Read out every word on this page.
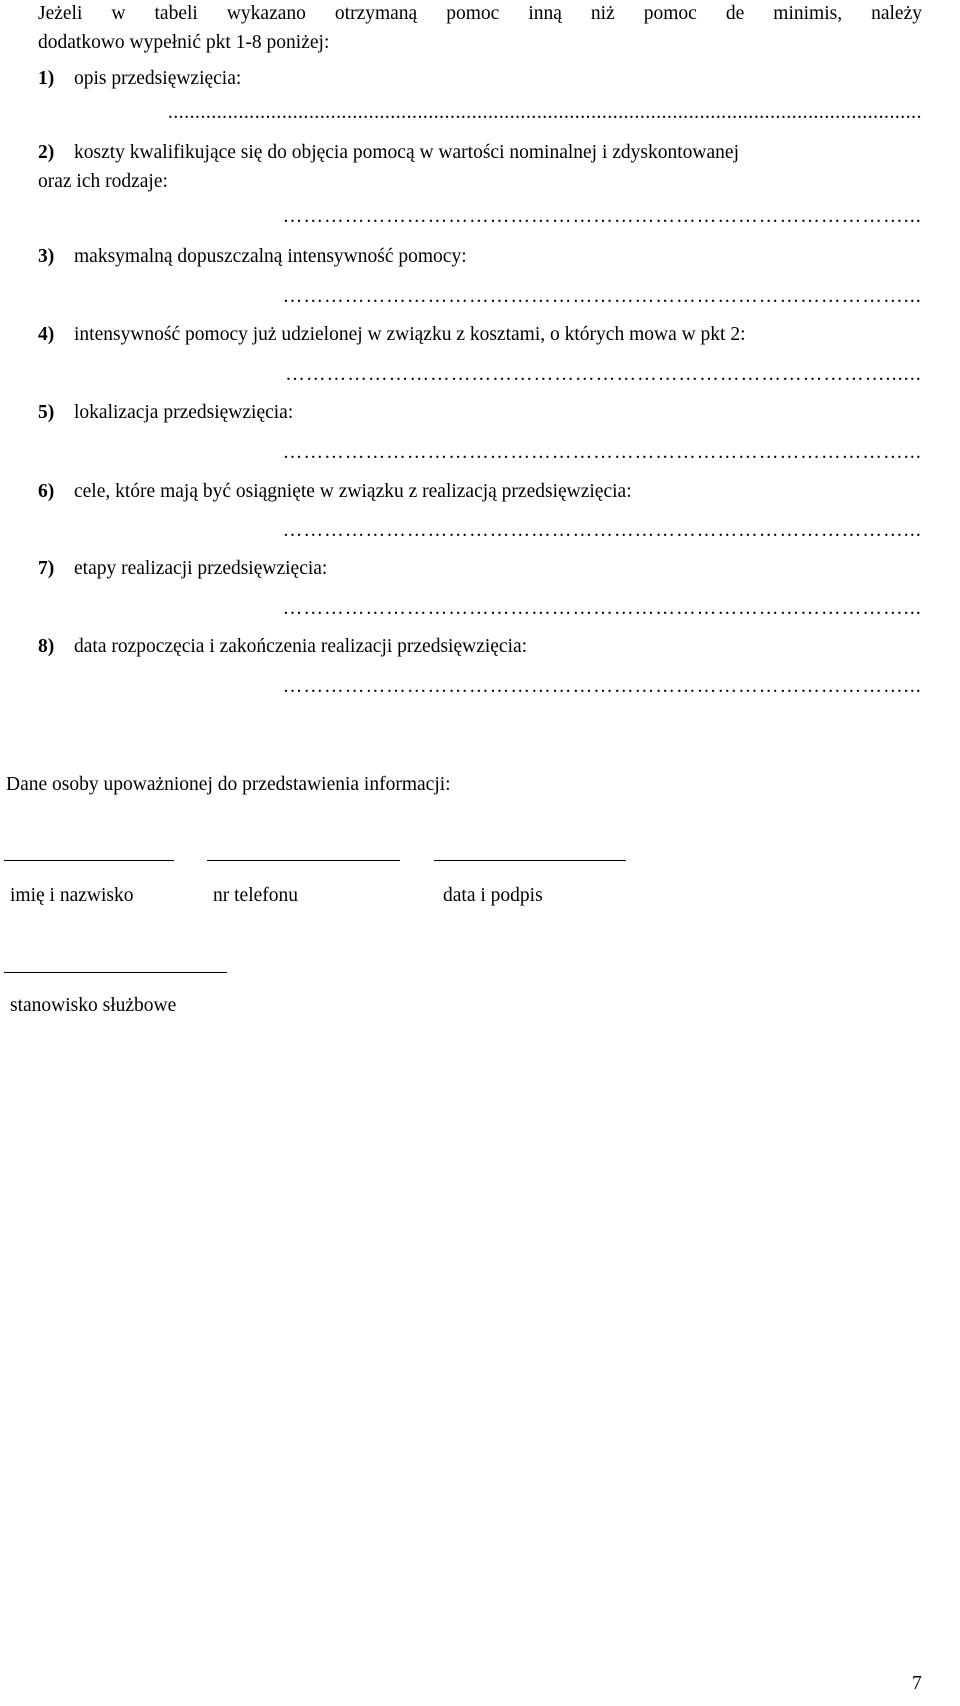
Jeżeli w tabeli wykazano otrzymaną pomoc inną niż pomoc de minimis, należy
dodatkowo wypełnić pkt 1-8 poniżej:
1) opis przedsięwzięcia:
...........................................................................................................................................
2) koszty kwalifikujące się do objęcia pomocą w wartości nominalnej i zdyskontowanej
oraz ich rodzaje:
………………………………………………………………………………...
3) maksymalną dopuszczalną intensywność pomocy:
………………………………………………………………………………...
4) intensywność pomocy już udzielonej w związku z kosztami, o których mowa w pkt 2:
……………………………………………………………………………......
5) lokalizacja przedsięwzięcia:
………………………………………………………………………………...
6) cele, które mają być osiągnięte w związku z realizacją przedsięwzięcia:
………………………………………………………………………………...
7) etapy realizacji przedsięwzięcia:
………………………………………………………………………………...
8) data rozpoczęcia i zakończenia realizacji przedsięwzięcia:
………………………………………………………………………………...
Dane osoby upoważnionej do przedstawienia informacji:
imię i nazwisko	nr telefonu	data i podpis
stanowisko służbowe
7
